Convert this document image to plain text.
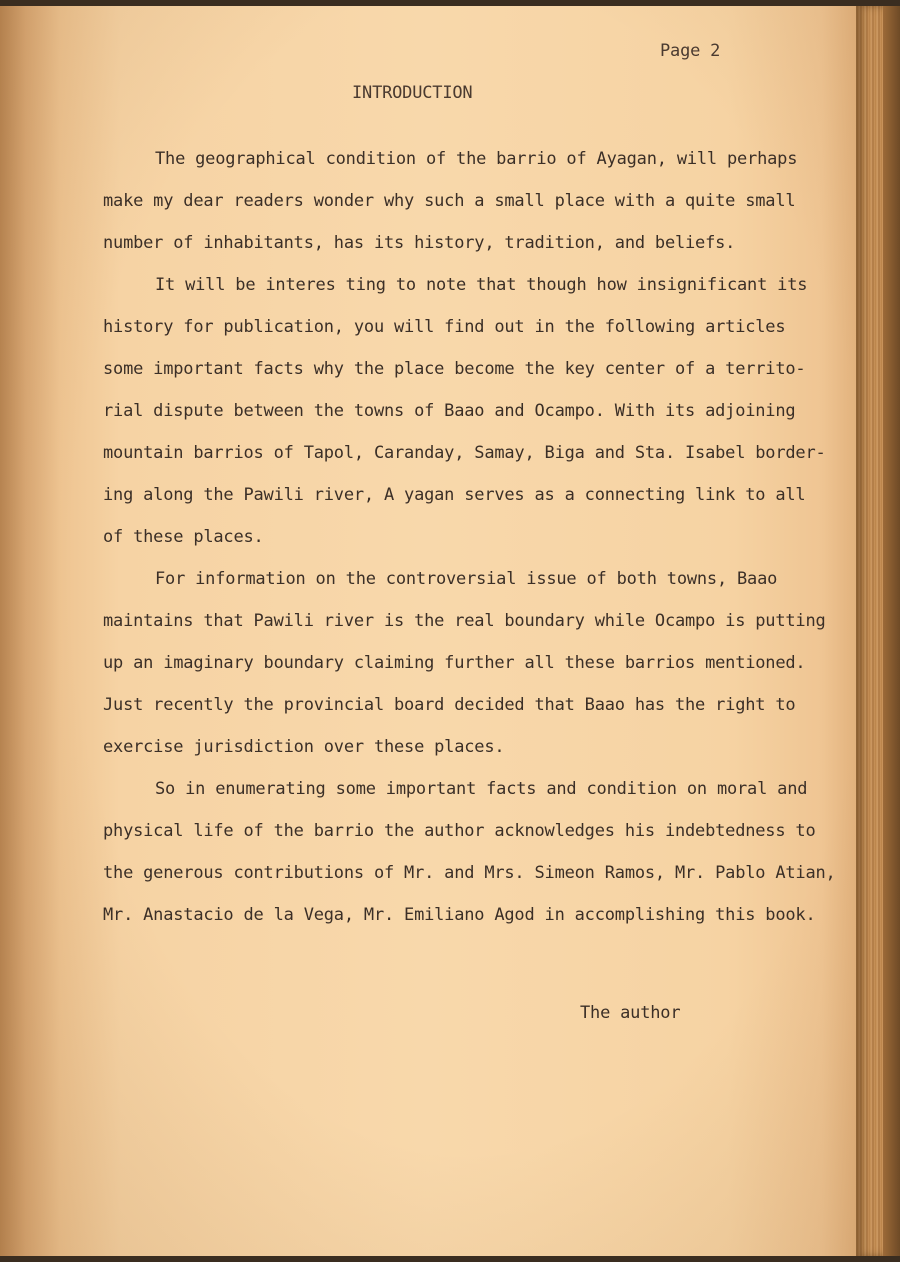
Page 2
INTRODUCTION
The geographical condition of the barrio of Ayagan, will perhaps
make my dear readers wonder why such a small place with a quite small
number of inhabitants, has its history, tradition, and beliefs.
It will be interes ting to note that though how insignificant its
history for publication, you will find out in the following articles
some important facts why the place become the key center of a territo-
rial dispute between the towns of Baao and Ocampo. With its adjoining
mountain barrios of Tapol, Caranday, Samay, Biga and Sta. Isabel border-
ing along the Pawili river, A yagan serves as a connecting link to all
of these places.
For information on the controversial issue of both towns, Baao
maintains that Pawili river is the real boundary while Ocampo is putting
up an imaginary boundary claiming further all these barrios mentioned.
Just recently the provincial board decided that Baao has the right to
exercise jurisdiction over these places.
So in enumerating some important facts and condition on moral and
physical life of the barrio the author acknowledges his indebtedness to
the generous contributions of Mr. and Mrs. Simeon Ramos, Mr. Pablo Atian,
Mr. Anastacio de la Vega, Mr. Emiliano Agod in accomplishing this book.
The author
